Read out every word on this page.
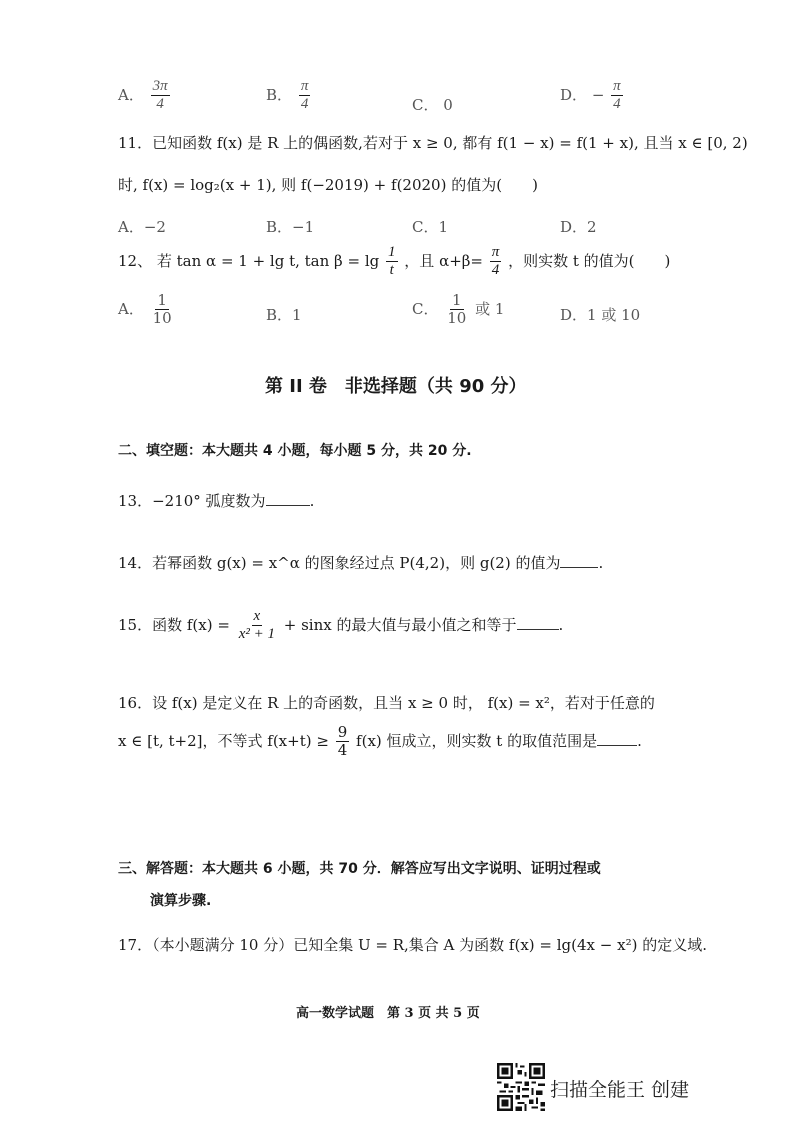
A． $\frac{3\pi}{4}$	B． $\frac{\pi}{4}$	C． 0
D． − $\frac{\pi}{4}$
11．已知函数 f(x) 是 R 上的偶函数,若对于 x ≥ 0, 都有 f(1 − x) = f(1 + x), 且当 x ∈ [0, 2)
时, f(x) = log₂(x + 1), 则 f(−2019) + f(2020) 的值为(　　)
A．−2	B．−1	C．1	D．2
12、 若 tan α = 1 + lg t, $\tan \beta = \lg \frac{1}{t}$ ，且 $\alpha+\beta= \frac{\pi}{4}$ ，则实数 t 的值为(　　)
A． $\frac{1}{10}$	B．1	C． $\frac{1}{10}$ 或 1	D．1 或 10
第 II 卷　非选择题（共 90 分）
二、填空题：本大题共 4 小题，每小题 5 分，共 20 分.
13．−210° 弧度数为	.
14．若幂函数 g(x) = x^α 的图象经过点 P(4,2)，则 g(2) 的值为	.
15．函数 $f(x) = \frac{x}{\text{x² + 1}} + \sin x$ 的最大值与最小值之和等于	.
16．设 f(x) 是定义在 R 上的奇函数，且当 x ≥ 0 时， f(x) = x²，若对于任意的
x ∈ [t, t+2]，不等式 $f(x+t) \ge \frac{9}{4} f(x)$ 恒成立，则实数 t 的取值范围是	.
三、解答题：本大题共 6 小题，共 70 分．解答应写出文字说明、证明过程或
演算步骤.
17．（本小题满分 10 分）已知全集 U = R,集合 A 为函数 f(x) = lg(4x − x²) 的定义域.
高一数学试题　第 3 页 共 5 页
扫描全能王 创建
